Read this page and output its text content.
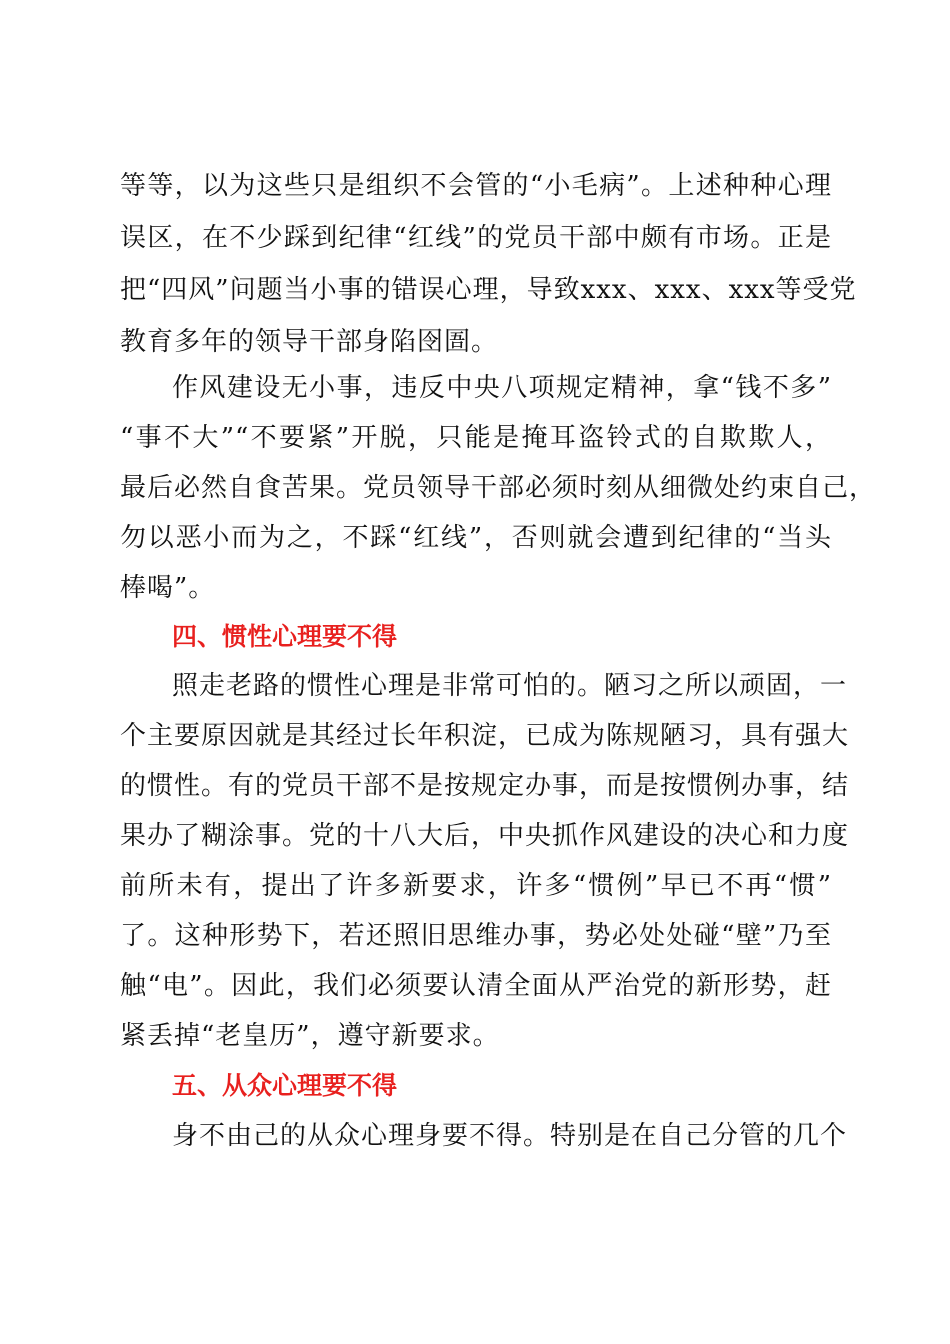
等等，以为这些只是组织不会管的“小毛病”。上述种种心理
误区，在不少踩到纪律“红线”的党员干部中颇有市场。正是
把“四风”问题当小事的错误心理，导致xxx、xxx、xxx等受党
教育多年的领导干部身陷囹圄。
作风建设无小事，违反中央八项规定精神，拿“钱不多”
“事不大”“不要紧”开脱，只能是掩耳盗铃式的自欺欺人，
最后必然自食苦果。党员领导干部必须时刻从细微处约束自己，
勿以恶小而为之，不踩“红线”，否则就会遭到纪律的“当头
棒喝”。
四、惯性心理要不得
照走老路的惯性心理是非常可怕的。陋习之所以顽固，一
个主要原因就是其经过长年积淀，已成为陈规陋习，具有强大
的惯性。有的党员干部不是按规定办事，而是按惯例办事，结
果办了糊涂事。党的十八大后，中央抓作风建设的决心和力度
前所未有，提出了许多新要求，许多“惯例”早已不再“惯”
了。这种形势下，若还照旧思维办事，势必处处碰“壁”乃至
触“电”。因此，我们必须要认清全面从严治党的新形势，赶
紧丢掉“老皇历”，遵守新要求。
五、从众心理要不得
身不由己的从众心理身要不得。特别是在自己分管的几个
